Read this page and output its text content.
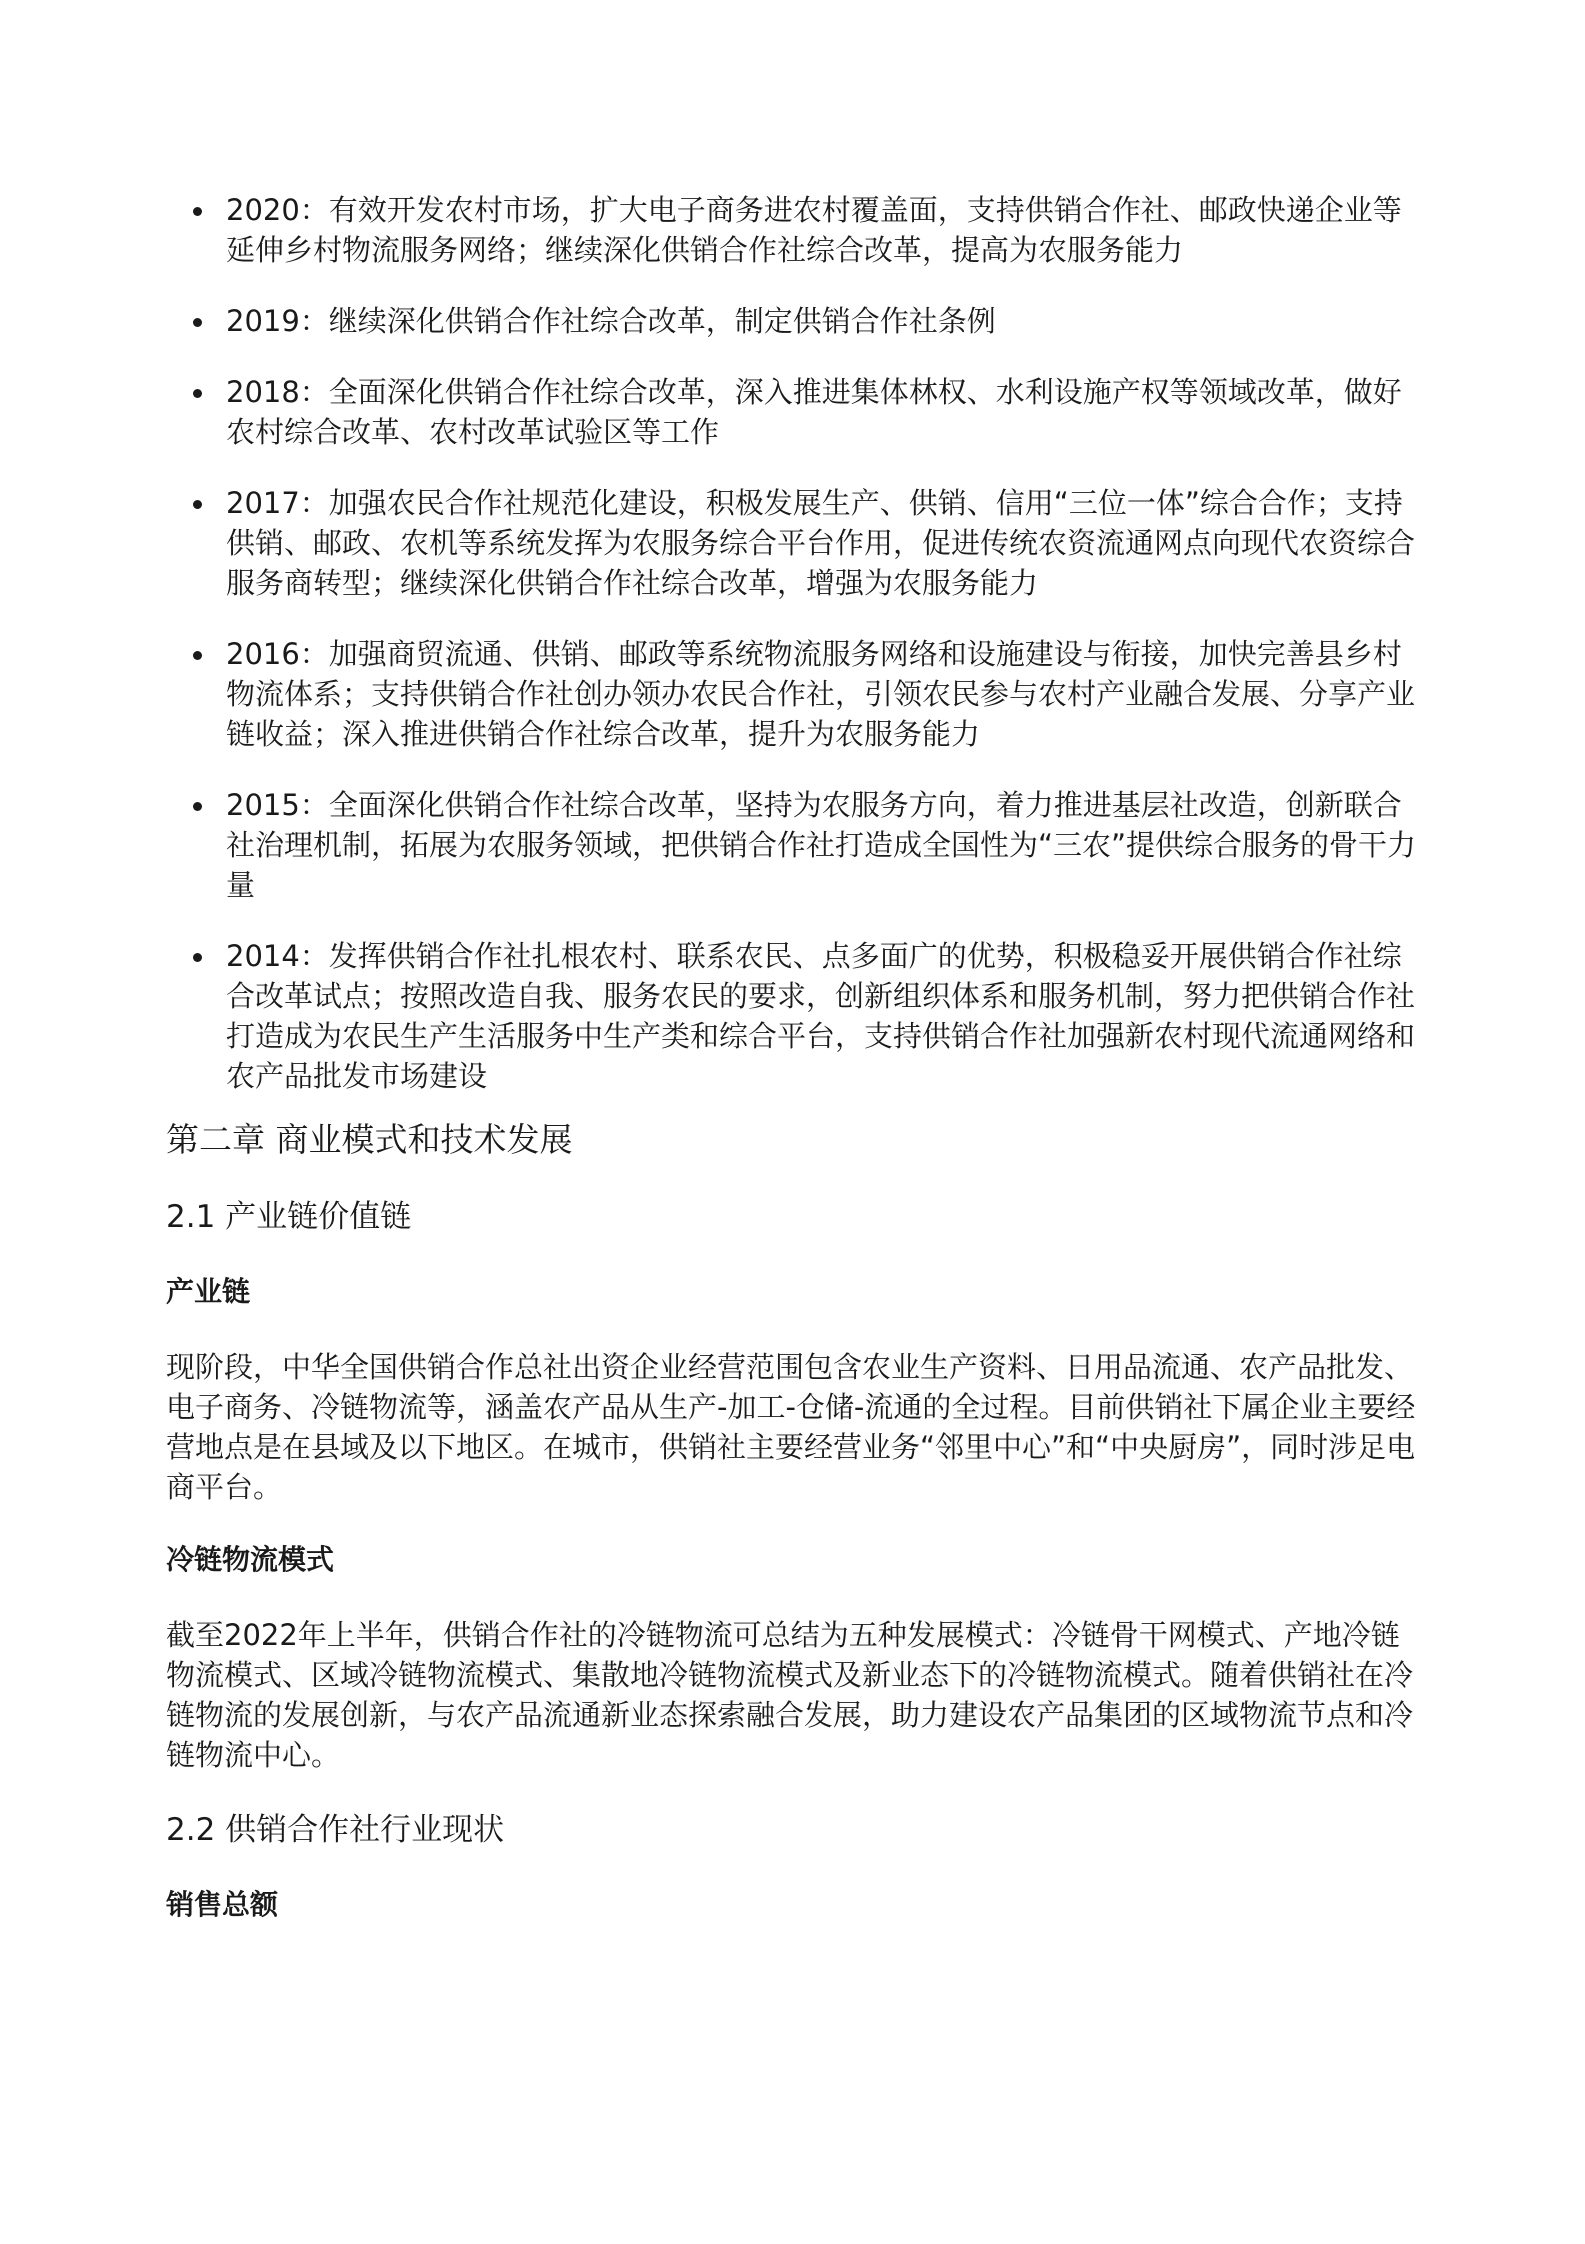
2020：有效开发农村市场，扩大电子商务进农村覆盖面，支持供销合作社、邮政快递企业等延伸乡村物流服务网络；继续深化供销合作社综合改革，提高为农服务能力
2019：继续深化供销合作社综合改革，制定供销合作社条例
2018：全面深化供销合作社综合改革，深入推进集体林权、水利设施产权等领域改革，做好农村综合改革、农村改革试验区等工作
2017：加强农民合作社规范化建设，积极发展生产、供销、信用“三位一体”综合合作；支持供销、邮政、农机等系统发挥为农服务综合平台作用，促进传统农资流通网点向现代农资综合服务商转型；继续深化供销合作社综合改革，增强为农服务能力
2016：加强商贸流通、供销、邮政等系统物流服务网络和设施建设与衔接，加快完善县乡村物流体系；支持供销合作社创办领办农民合作社，引领农民参与农村产业融合发展、分享产业链收益；深入推进供销合作社综合改革，提升为农服务能力
2015：全面深化供销合作社综合改革，坚持为农服务方向，着力推进基层社改造，创新联合社治理机制，拓展为农服务领域，把供销合作社打造成全国性为“三农”提供综合服务的骨干力量
2014：发挥供销合作社扎根农村、联系农民、点多面广的优势，积极稳妥开展供销合作社综合改革试点；按照改造自我、服务农民的要求，创新组织体系和服务机制，努力把供销合作社打造成为农民生产生活服务中生产类和综合平台，支持供销合作社加强新农村现代流通网络和农产品批发市场建设
第二章 商业模式和技术发展
2.1 产业链价值链
产业链

现阶段，中华全国供销合作总社出资企业经营范围包含农业生产资料、日用品流通、农产品批发、电子商务、冷链物流等，涵盖农产品从生产-加工-仓储-流通的全过程。目前供销社下属企业主要经营地点是在县域及以下地区。在城市，供销社主要经营业务“邻里中心”和“中央厨房”，同时涉足电商平台。

冷链物流模式

截至2022年上半年，供销合作社的冷链物流可总结为五种发展模式：冷链骨干网模式、产地冷链物流模式、区域冷链物流模式、集散地冷链物流模式及新业态下的冷链物流模式。随着供销社在冷链物流的发展创新，与农产品流通新业态探索融合发展，助力建设农产品集团的区域物流节点和冷链物流中心。

2.2 供销合作社行业现状
销售总额
